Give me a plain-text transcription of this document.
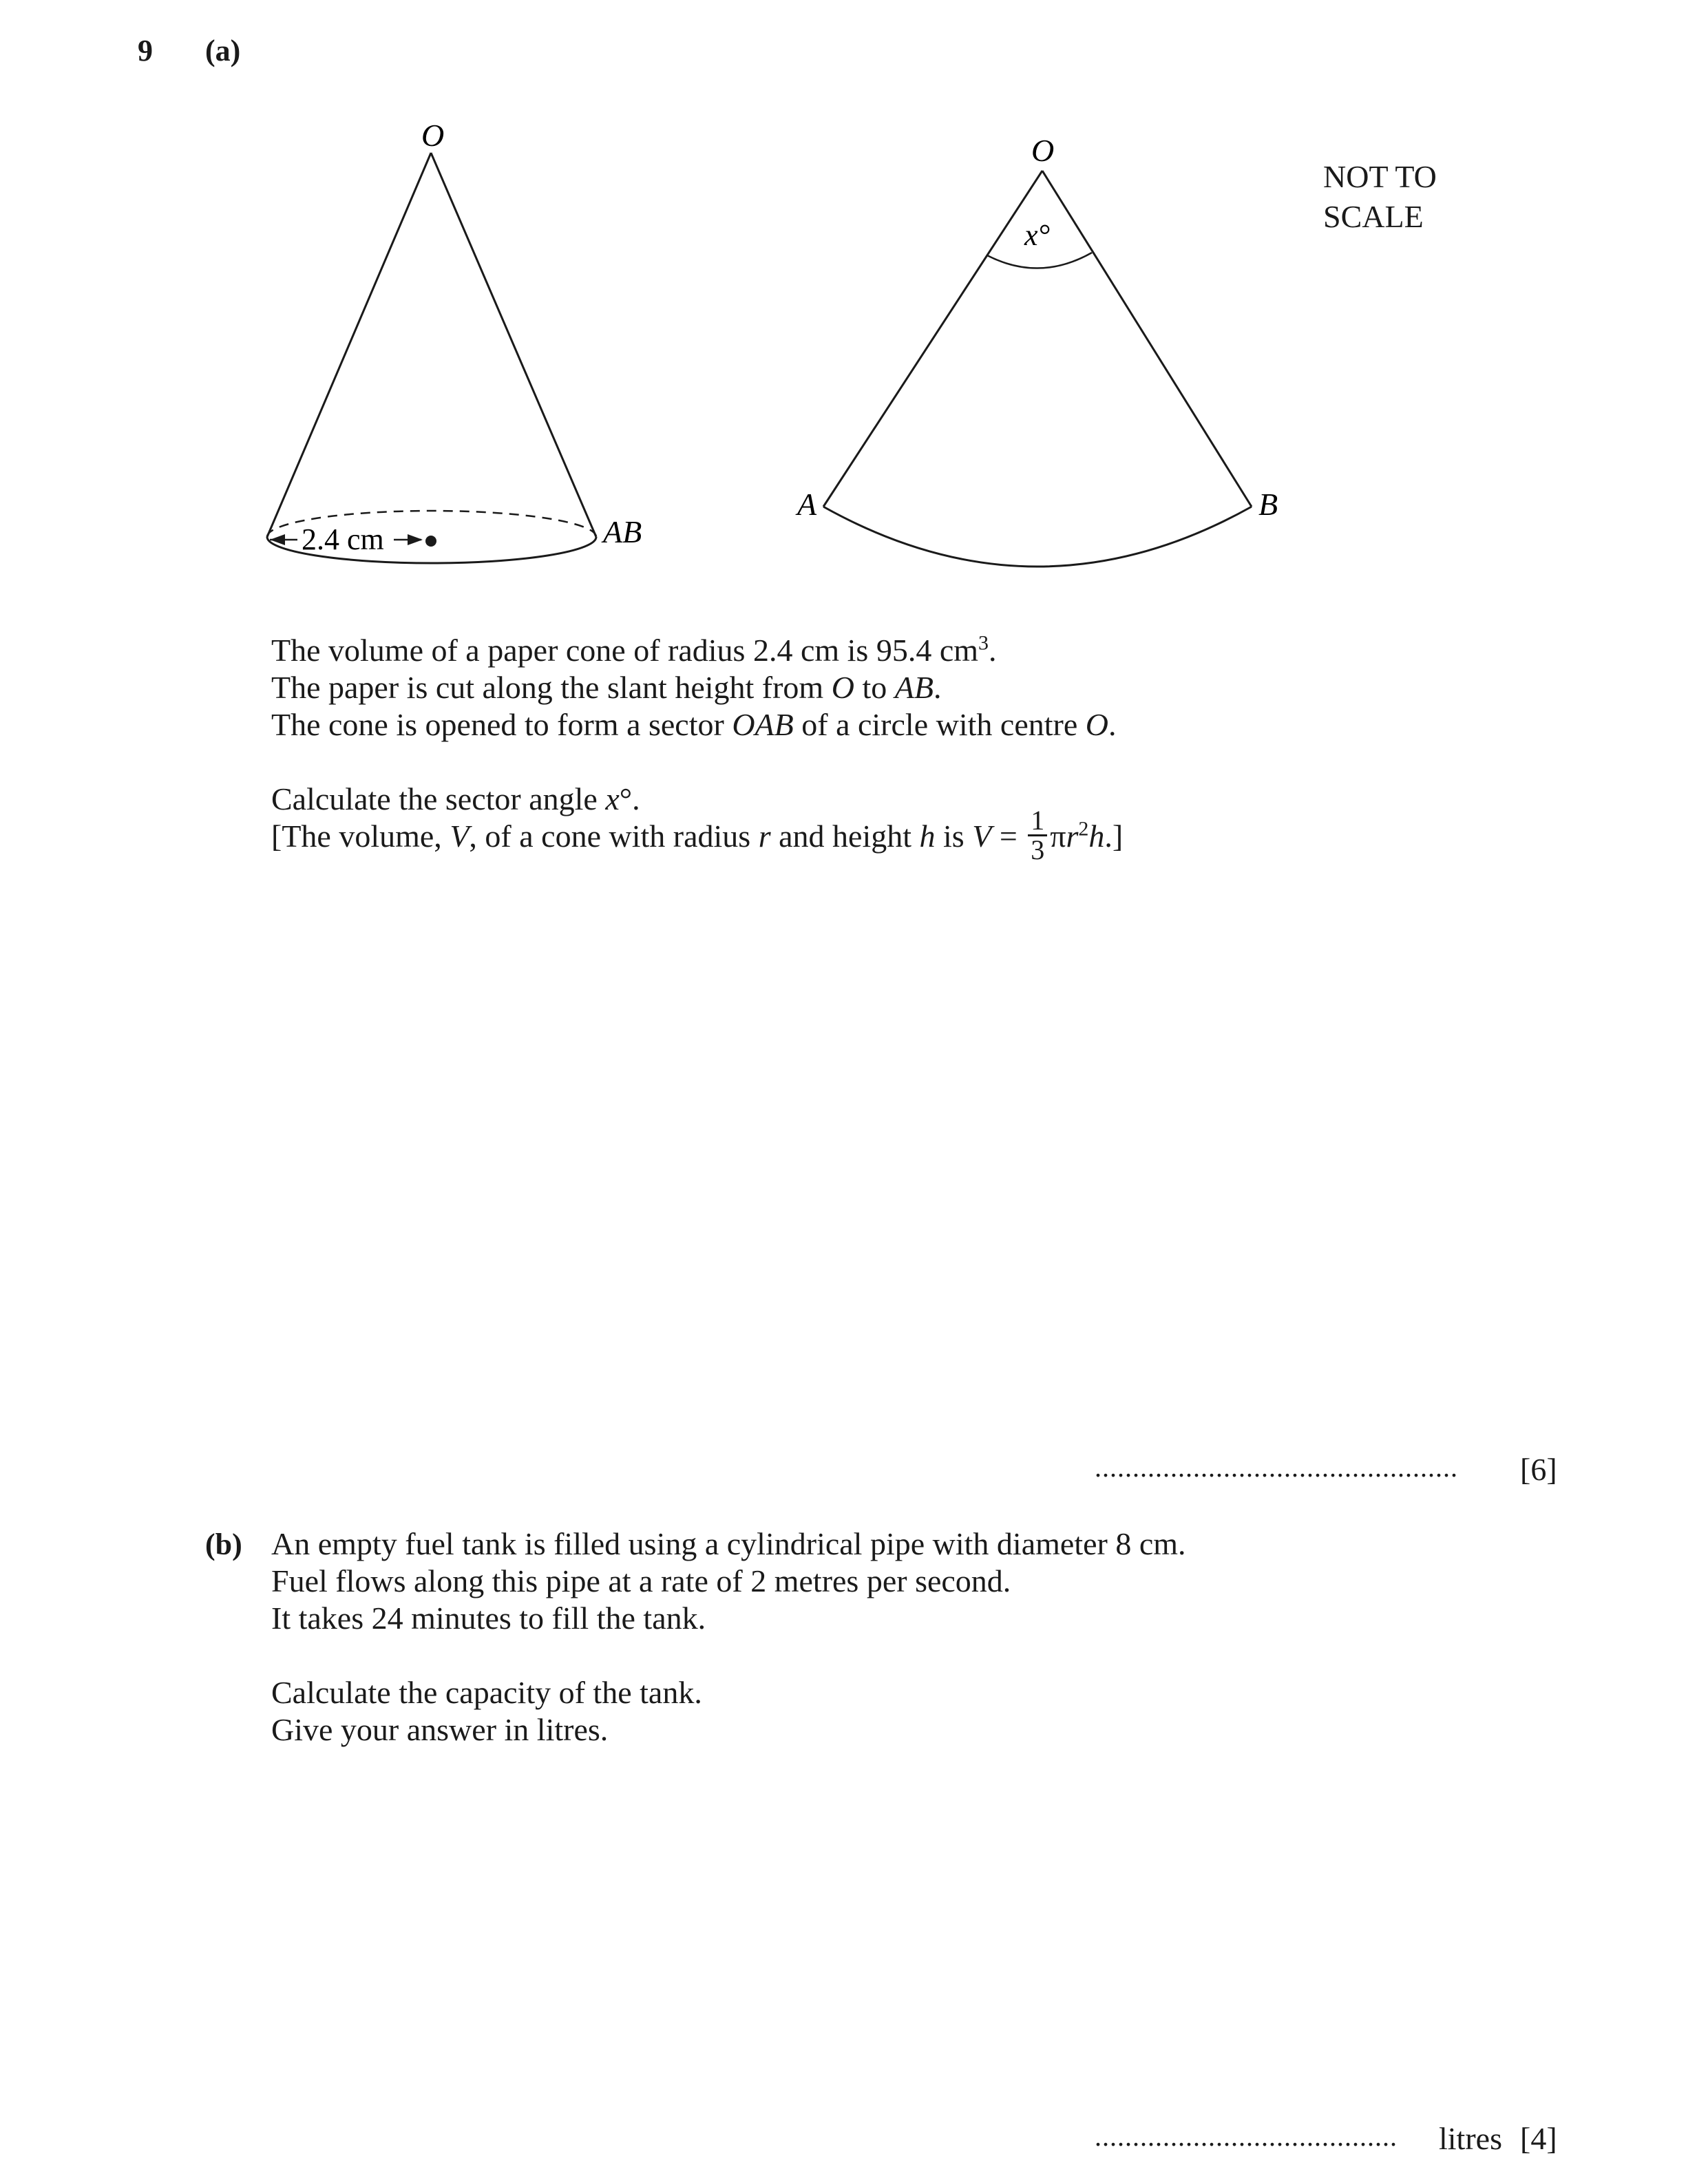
9 (a)
2.4 cm
O
AB
O
x°
A	B
NOT TO
SCALE
The volume of a paper cone of radius 2.4 cm is 95.4 $cm^3$.
The paper is cut along the slant height from O to AB.
The cone is opened to form a sector OAB of a circle with centre O.
Calculate the sector angle x°.
[The volume, V, of a cone with radius r and height h is $V = \frac{1}{3} \pi r^2h$.]
................................................ [6]
(b) An empty fuel tank is filled using a cylindrical pipe with diameter 8 cm.
Fuel flows along this pipe at a rate of 2 metres per second.
It takes 24 minutes to fill the tank.
Calculate the capacity of the tank.
Give your answer in litres.
........................................ litres [4]
